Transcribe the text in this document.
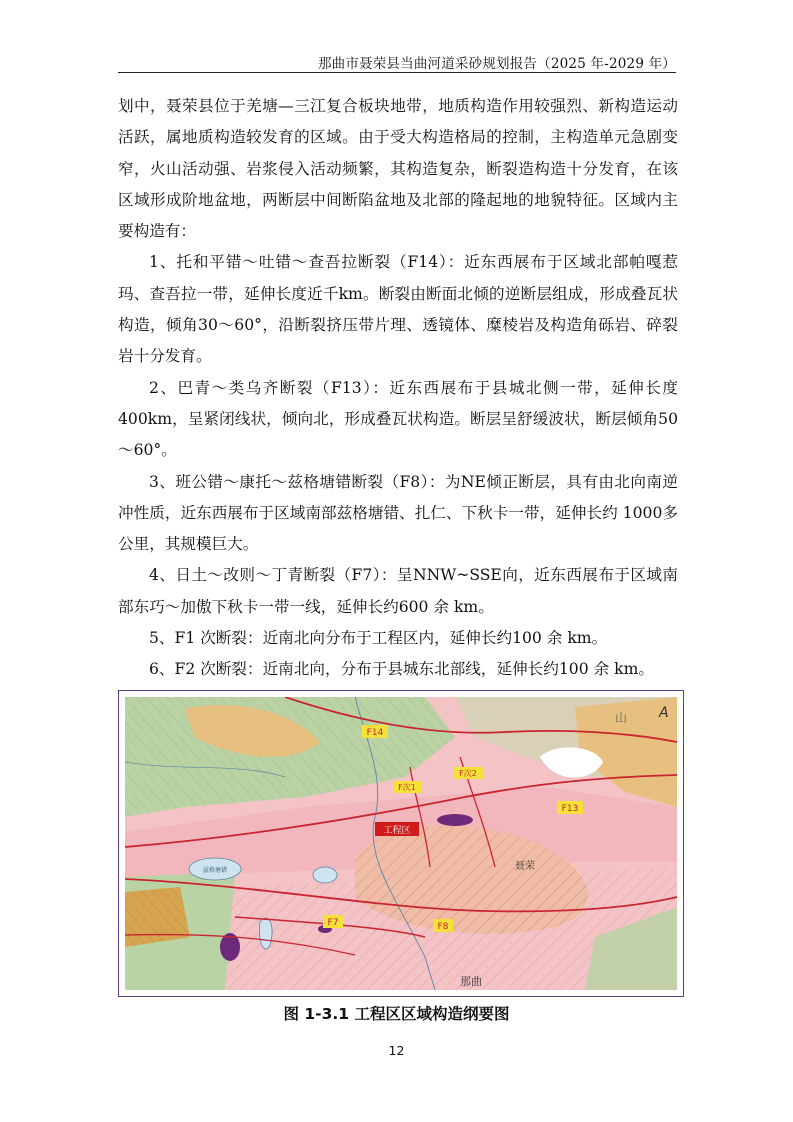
那曲市聂荣县当曲河道采砂规划报告（2025 年-2029 年）

划中，聂荣县位于羌塘—三江复合板块地带，地质构造作用较强烈、新构造运动活跃，属地质构造较发育的区域。由于受大构造格局的控制，主构造单元急剧变窄，火山活动强、岩浆侵入活动频繁，其构造复杂，断裂造构造十分发育，在该区域形成阶地盆地，两断层中间断陷盆地及北部的隆起地的地貌特征。区域内主要构造有：

1、托和平错～吐错～查吾拉断裂（F14）：近东西展布于区域北部帕嘎惹玛、查吾拉一带，延伸长度近千km。断裂由断面北倾的逆断层组成，形成叠瓦状构造，倾角30～60°，沿断裂挤压带片理、透镜体、糜棱岩及构造角砾岩、碎裂岩十分发育。

2、巴青～类乌齐断裂（F13）：近东西展布于县城北侧一带，延伸长度400km，呈紧闭线状，倾向北，形成叠瓦状构造。断层呈舒缓波状，断层倾角50～60°。

3、班公错～康托～兹格塘错断裂（F8）：为NE倾正断层，具有由北向南逆冲性质，近东西展布于区域南部兹格塘错、扎仁、下秋卡一带，延伸长约 1000多公里，其规模巨大。

4、日土～改则～丁青断裂（F7）：呈NNW~SSE向，近东西展布于区域南部东巧～加傲下秋卡一带一线，延伸长约600 余 km。

5、F1 次断裂：近南北向分布于工程区内，延伸长约100 余 km。

6、F2 次断裂：近南北向，分布于县城东北部线，延伸长约100 余 km。

F14
F次1
F次2
F13
F7	F8
工程区
聂荣
那曲
兹格塘错
山 A
图 1-3.1 工程区区域构造纲要图
12
